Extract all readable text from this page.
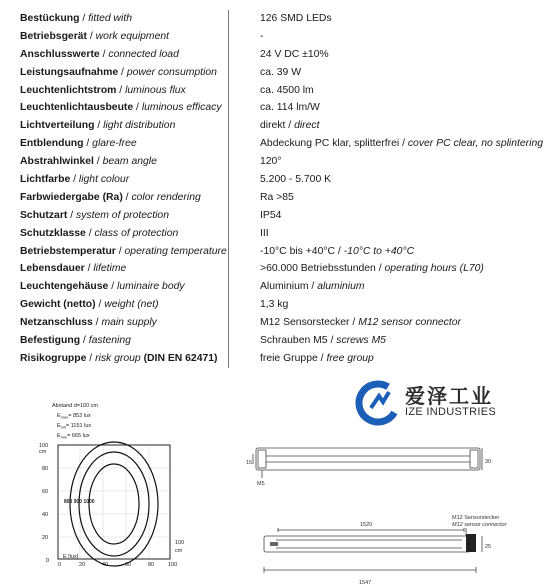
Bestückung / fitted with	126 SMD LEDs
Betriebsgerät / work equipment	-
Anschlusswerte / connected load	24 V DC ±10%
Leistungsaufnahme / power consumption	ca. 39 W
Leuchtenlichtstrom / luminous flux	ca. 4500 lm
Leuchtenlichtausbeute / luminous efficacy	ca. 114 lm/W
Lichtverteilung / light distribution	direkt / direct
Entblendung / glare-free	Abdeckung PC klar, splitterfrei / cover PC clear, no splintering
Abstrahlwinkel / beam angle	120°
Lichtfarbe / light colour	5.200 - 5.700 K
Farbwiedergabe (Ra) / color rendering	Ra >85
Schutzart / system of protection	IP54
Schutzklasse / class of protection	III
Betriebstemperatur / operating temperature	-10°C bis +40°C / -10°C to +40°C
Lebensdauer / lifetime	>60.000 Betriebsstunden / operating hours (L70)
Leuchtengehäuse / luminaire body	Aluminium / aluminium
Gewicht (netto) / weight (net)	1,3 kg
Netzanschluss / main supply	M12 Sensorstecker / M12 sensor connector
Befestigung / fastening	Schrauben M5 / screws M5
Risikogruppe / risk group (DIN EN 62471)	freie Gruppe / free group
爱泽工业
IZE INDUSTRIES
Abstand d=100 cm
$E_{max}= 853$ lux
$E_{mit}= 1151$ lux
$E_{min}= 665$ lux
100
cm
80
60
40
20
0
0	20	40	60	80	100
100
cm
E [lux]
800 900 1000
15
M5
30
M12 Sensorstecker
M12 sensor connector
1520
25
1547
